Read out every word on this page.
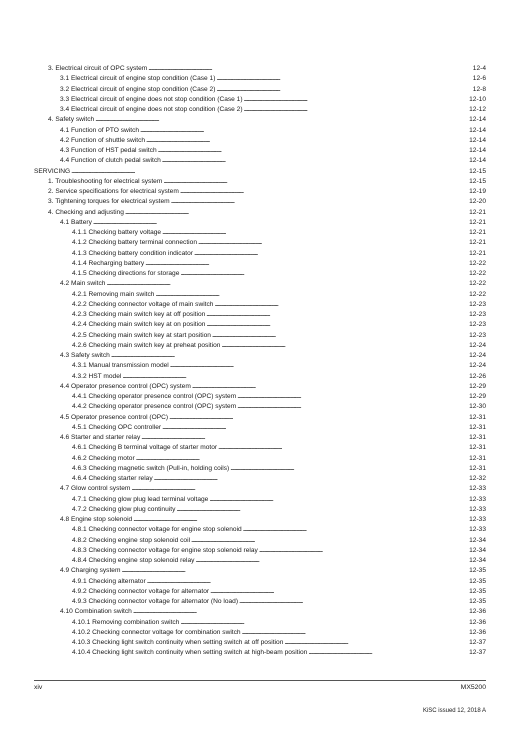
3. Electrical circuit of OPC system . . .	12-4
3.1 Electrical circuit of engine stop condition (Case 1) . . .	12-6
3.2 Electrical circuit of engine stop condition (Case 2) . . .	12-8
3.3 Electrical circuit of engine does not stop condition (Case 1) . . .	12-10
3.4 Electrical circuit of engine does not stop condition (Case 2) . . .	12-12
4. Safety switch . . .	12-14
4.1 Function of PTO switch . . .	12-14
4.2 Function of shuttle switch . . .	12-14
4.3 Function of HST pedal switch . . .	12-14
4.4 Function of clutch pedal switch . . .	12-14
SERVICING . . .	12-15
1. Troubleshooting for electrical system . . .	12-15
2. Service specifications for electrical system . . .	12-19
3. Tightening torques for electrical system . . .	12-20
4. Checking and adjusting . . .	12-21
4.1 Battery . . .	12-21
4.1.1 Checking battery voltage . . .	12-21
4.1.2 Checking battery terminal connection . . .	12-21
4.1.3 Checking battery condition indicator . . .	12-21
4.1.4 Recharging battery . . .	12-22
4.1.5 Checking directions for storage . . .	12-22
4.2 Main switch . . .	12-22
4.2.1 Removing main switch . . .	12-22
4.2.2 Checking connector voltage of main switch . . .	12-23
4.2.3 Checking main switch key at off position . . .	12-23
4.2.4 Checking main switch key at on position . . .	12-23
4.2.5 Checking main switch key at start position . . .	12-23
4.2.6 Checking main switch key at preheat position . . .	12-24
4.3 Safety switch . . .	12-24
4.3.1 Manual transmission model . . .	12-24
4.3.2 HST model . . .	12-26
4.4 Operator presence control (OPC) system . . .	12-29
4.4.1 Checking operator presence control (OPC) system . . .	12-29
4.4.2 Checking operator presence control (OPC) system . . .	12-30
4.5 Operator presence control (OPC) . . .	12-31
4.5.1 Checking OPC controller . . .	12-31
4.6 Starter and starter relay . . .	12-31
4.6.1 Checking B terminal voltage of starter motor . . .	12-31
4.6.2 Checking motor . . .	12-31
4.6.3 Checking magnetic switch (Pull-in, holding coils) . . .	12-31
4.6.4 Checking starter relay . . .	12-32
4.7 Glow control system . . .	12-33
4.7.1 Checking glow plug lead terminal voltage . . .	12-33
4.7.2 Checking glow plug continuity . . .	12-33
4.8 Engine stop solenoid . . .	12-33
4.8.1 Checking connector voltage for engine stop solenoid . . .	12-33
4.8.2 Checking engine stop solenoid coil . . .	12-34
4.8.3 Checking connector voltage for engine stop solenoid relay . . .	12-34
4.8.4 Checking engine stop solenoid relay . . .	12-34
4.9 Charging system . . .	12-35
4.9.1 Checking alternator . . .	12-35
4.9.2 Checking connector voltage for alternator . . .	12-35
4.9.3 Checking connector voltage for alternator (No load) . . .	12-35
4.10 Combination switch . . .	12-36
4.10.1 Removing combination switch . . .	12-36
4.10.2 Checking connector voltage for combination switch . . .	12-36
4.10.3 Checking light switch continuity when setting switch at off position . . .	12-37
4.10.4 Checking light switch continuity when setting switch at high-beam position . . .	12-37
xiv	MX5200
KiSC issued 12, 2018 A
